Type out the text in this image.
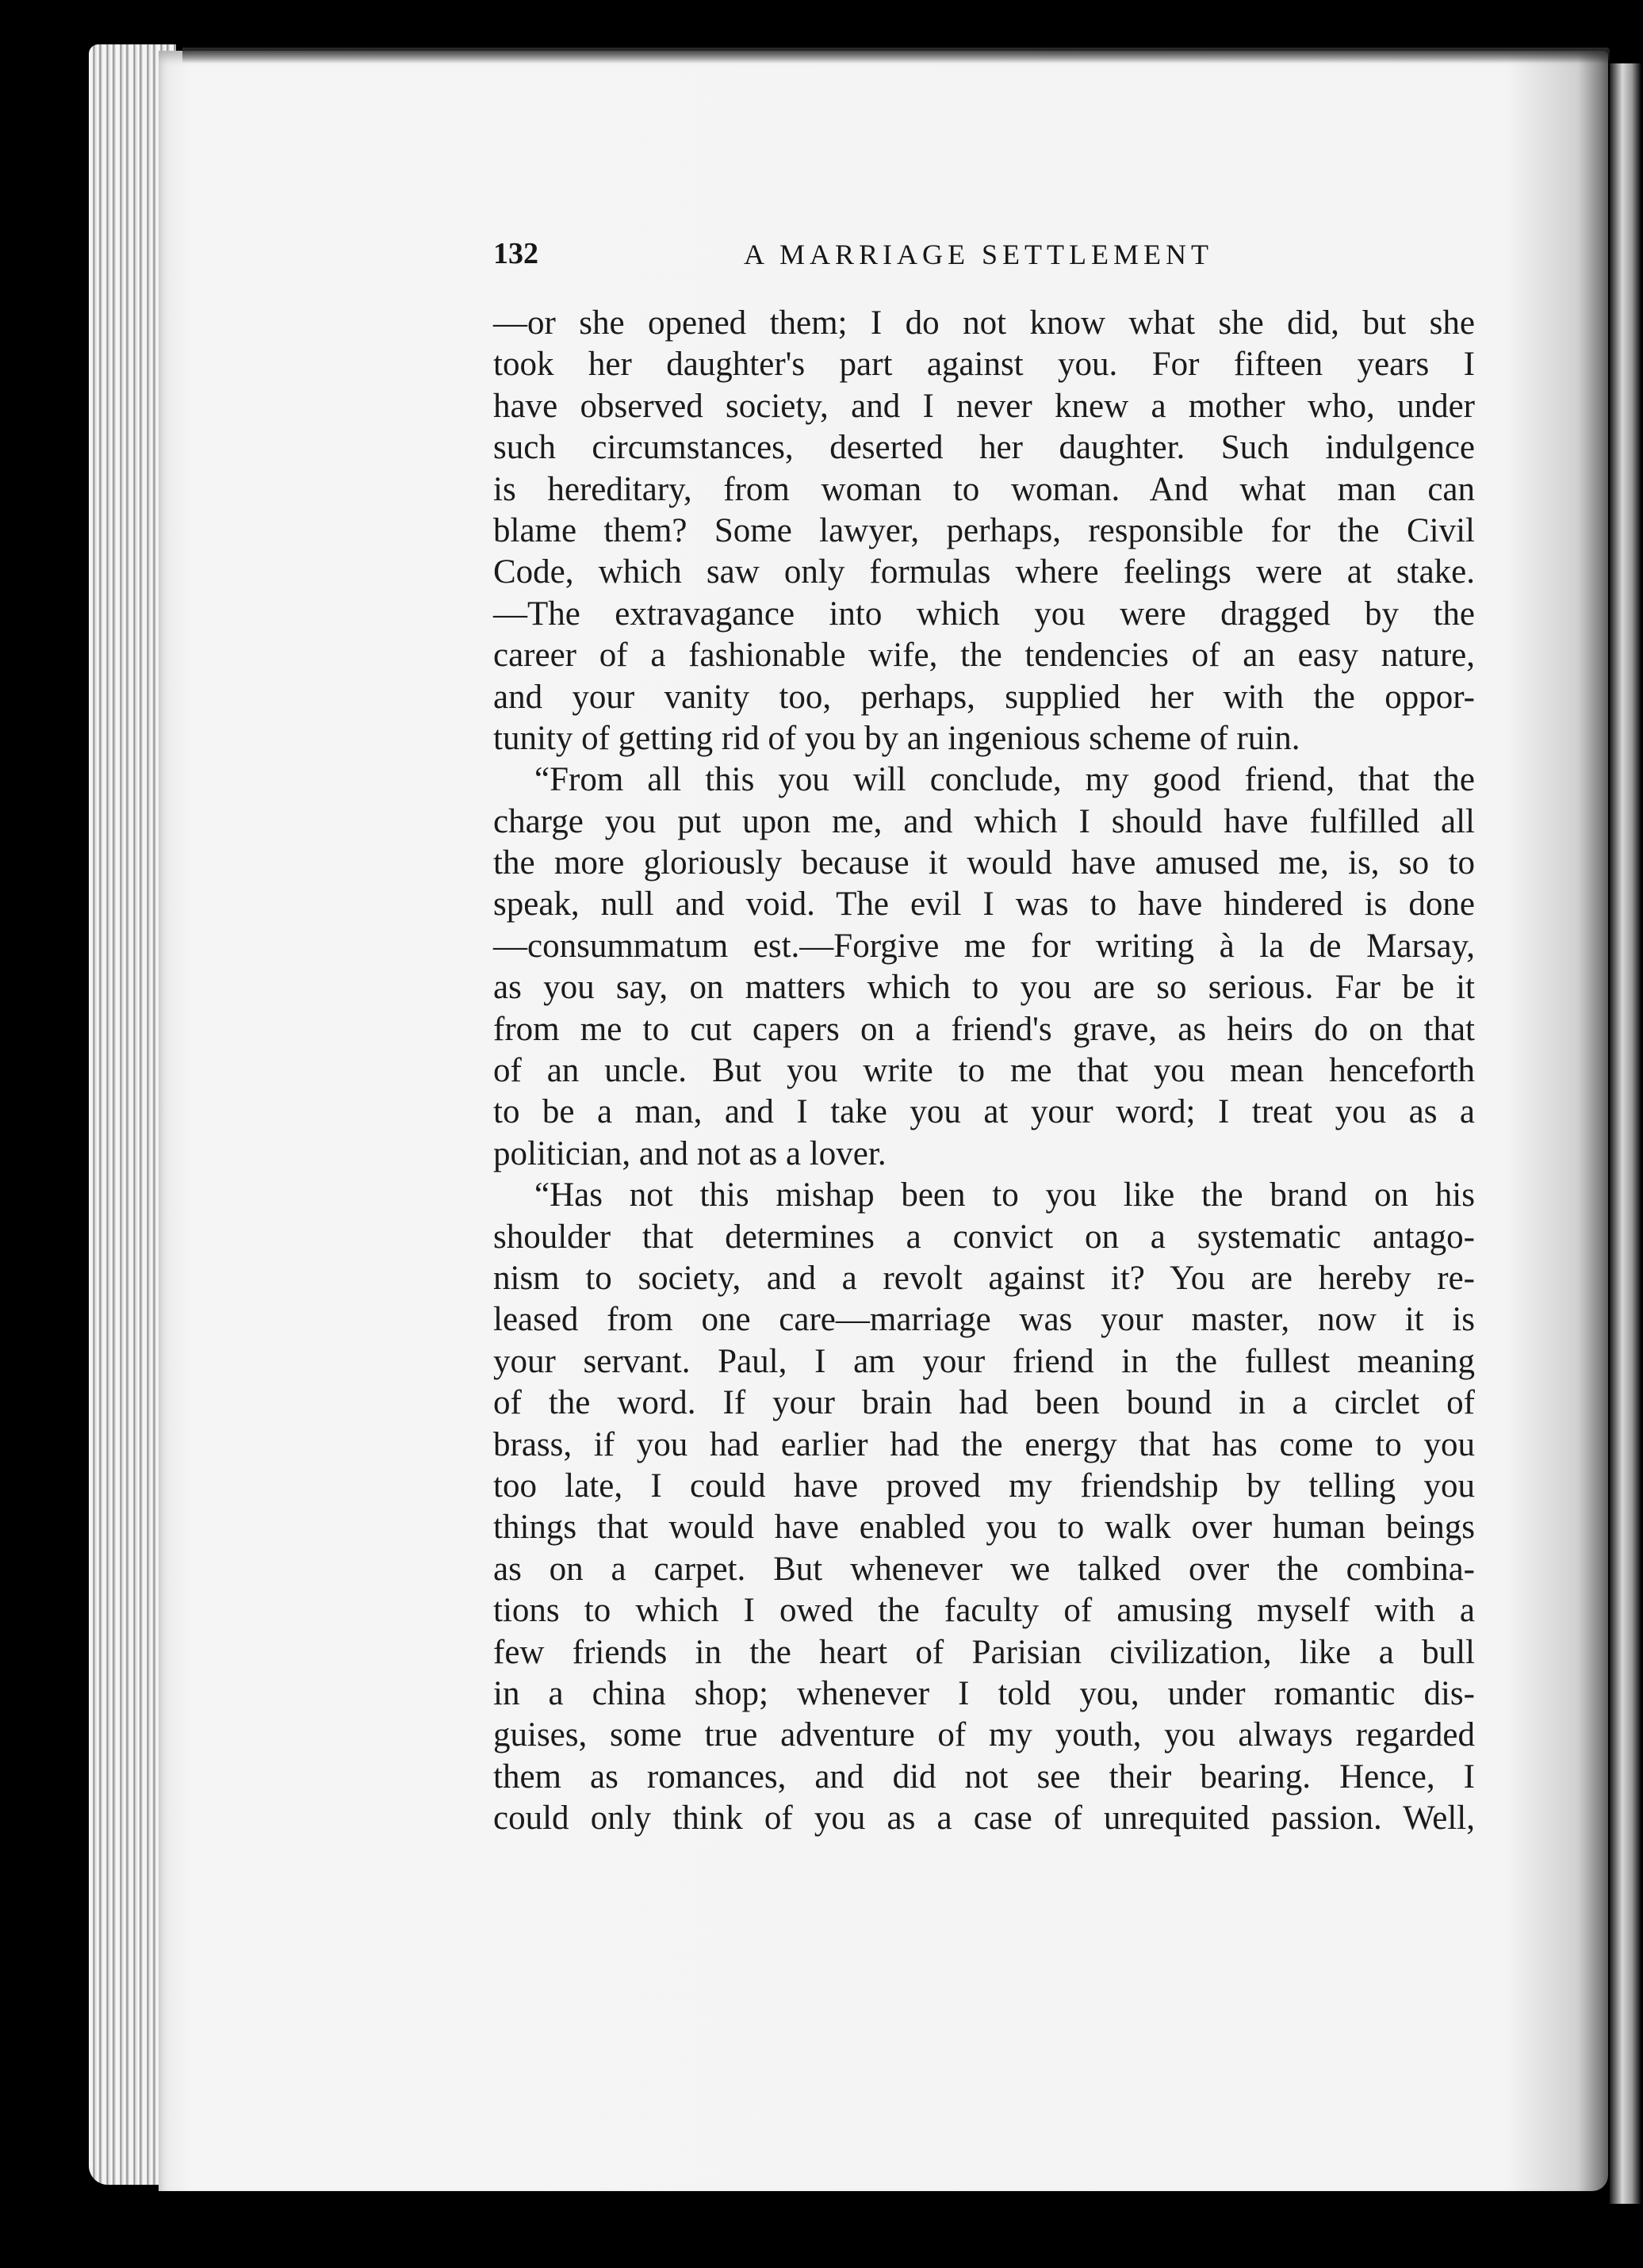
132	A MARRIAGE SETTLEMENT
—or she opened them; I do not know what she did, but she
took her daughter's part against you. For fifteen years I
have observed society, and I never knew a mother who, under
such circumstances, deserted her daughter. Such indulgence
is hereditary, from woman to woman. And what man can
blame them? Some lawyer, perhaps, responsible for the Civil
Code, which saw only formulas where feelings were at stake.
—The extravagance into which you were dragged by the
career of a fashionable wife, the tendencies of an easy nature,
and your vanity too, perhaps, supplied her with the oppor-
tunity of getting rid of you by an ingenious scheme of ruin.
“From all this you will conclude, my good friend, that the
charge you put upon me, and which I should have fulfilled all
the more gloriously because it would have amused me, is, so to
speak, null and void. The evil I was to have hindered is done
—consummatum est.—Forgive me for writing à la de Marsay,
as you say, on matters which to you are so serious. Far be it
from me to cut capers on a friend's grave, as heirs do on that
of an uncle. But you write to me that you mean henceforth
to be a man, and I take you at your word; I treat you as a
politician, and not as a lover.
“Has not this mishap been to you like the brand on his
shoulder that determines a convict on a systematic antago-
nism to society, and a revolt against it? You are hereby re-
leased from one care—marriage was your master, now it is
your servant. Paul, I am your friend in the fullest meaning
of the word. If your brain had been bound in a circlet of
brass, if you had earlier had the energy that has come to you
too late, I could have proved my friendship by telling you
things that would have enabled you to walk over human beings
as on a carpet. But whenever we talked over the combina-
tions to which I owed the faculty of amusing myself with a
few friends in the heart of Parisian civilization, like a bull
in a china shop; whenever I told you, under romantic dis-
guises, some true adventure of my youth, you always regarded
them as romances, and did not see their bearing. Hence, I
could only think of you as a case of unrequited passion. Well,
